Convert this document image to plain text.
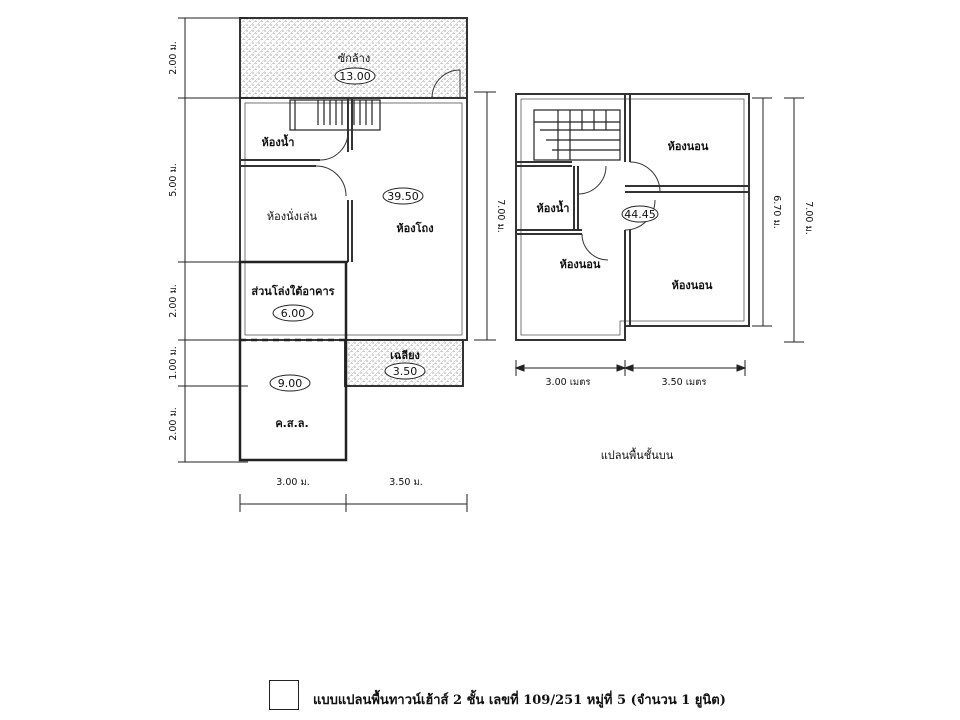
ซักล้าง
13.00
ห้องน้ำ
ห้องนั่งเล่น
39.50
ห้องโถง
ส่วนโล่งใต้อาคาร
6.00
9.00
ค.ส.ล.
เฉลียง
3.50
2.00 ม.
5.00 ม.
2.00 ม.
1.00 ม.
2.00 ม.
7.00 ม.
3.00 ม.	3.50 ม.
ห้องนอน
ห้องน้ำ	44.45
ห้องนอน
ห้องนอน
6.70 ม. 7.00 ม.
3.00 เมตร	3.50 เมตร
แปลนพื้นชั้นบน
แบบแปลนพื้นทาวน์เฮ้าส์ 2 ชั้น เลขที่ 109/251 หมู่ที่ 5 (จำนวน 1 ยูนิต)
